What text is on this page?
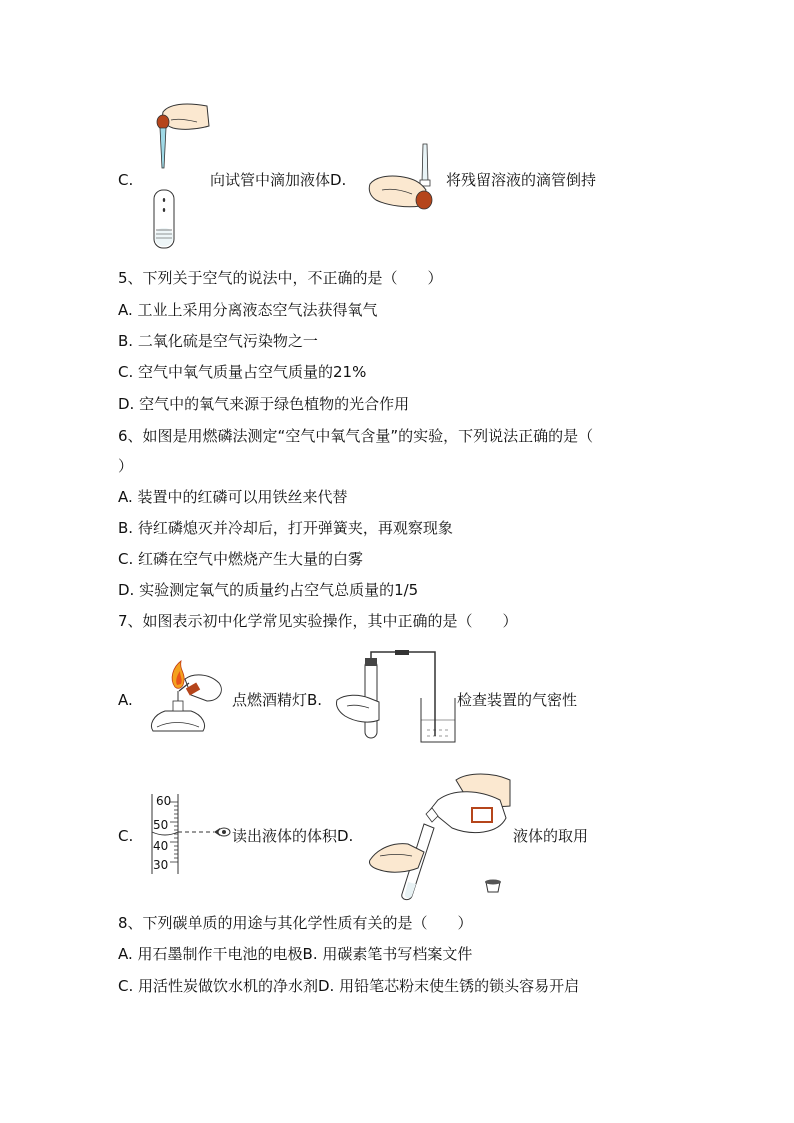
C.	向试管中滴加液体D.	将残留溶液的滴管倒持
5、下列关于空气的说法中，不正确的是（　　）
A. 工业上采用分离液态空气法获得氧气
B. 二氧化硫是空气污染物之一
C. 空气中氧气质量占空气质量的21%
D. 空气中的氧气来源于绿色植物的光合作用
6、如图是用燃磷法测定“空气中氧气含量”的实验，下列说法正确的是（
）
A. 装置中的红磷可以用铁丝来代替
B. 待红磷熄灭并冷却后，打开弹簧夹，再观察现象
C. 红磷在空气中燃烧产生大量的白雾
D. 实验测定氧气的质量约占空气总质量的1/5
7、如图表示初中化学常见实验操作，其中正确的是（　　）
A.	点燃酒精灯B.	检查装置的气密性
C.
60
50
40
30
读出液体的体积D.	液体的取用
8、下列碳单质的用途与其化学性质有关的是（　　）
A. 用石墨制作干电池的电极B. 用碳素笔书写档案文件
C. 用活性炭做饮水机的净水剂D. 用铅笔芯粉末使生锈的锁头容易开启
